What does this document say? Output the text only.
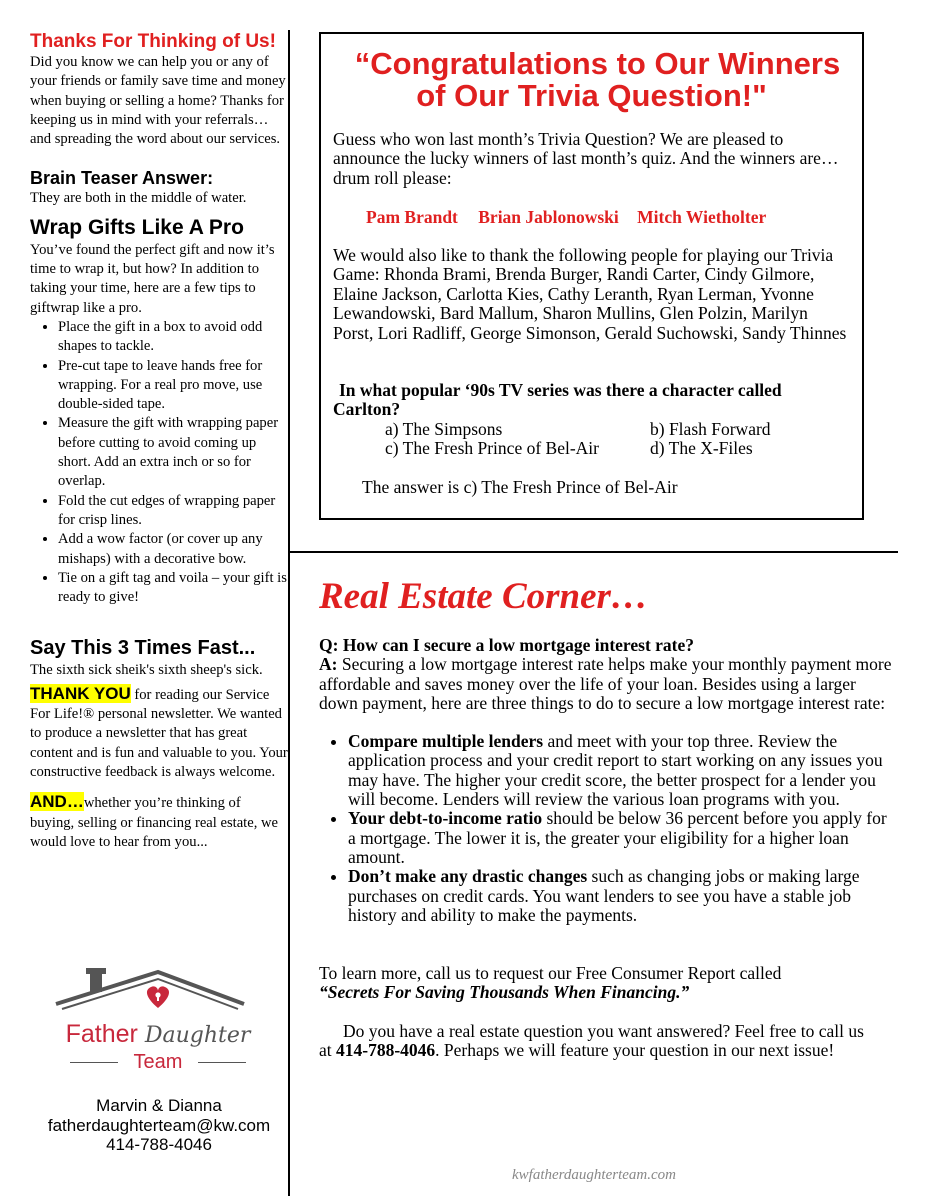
Thanks For Thinking of Us!

Did you know we can help you or any of your friends or family save time and money when buying or selling a home? Thanks for keeping us in mind with your referrals…and spreading the word about our services.

Brain Teaser Answer:

They are both in the middle of water.

Wrap Gifts Like A Pro

You’ve found the perfect gift and now it’s time to wrap it, but how? In addition to taking your time, here are a few tips to giftwrap like a pro.

• Place the gift in a box to avoid odd shapes to tackle.
• Pre-cut tape to leave hands free for wrapping. For a real pro move, use double-sided tape.
• Measure the gift with wrapping paper before cutting to avoid coming up short. Add an extra inch or so for overlap.
• Fold the cut edges of wrapping paper for crisp lines.
• Add a wow factor (or cover up any mishaps) with a decorative bow.
• Tie on a gift tag and voila – your gift is ready to give!
Say This 3 Times Fast...

The sixth sick sheik's sixth sheep's sick.

THANK YOU for reading our Service For Life!® personal newsletter. We wanted to produce a newsletter that has great content and is fun and valuable to you. Your constructive feedback is always welcome.

AND…whether you’re thinking of buying, selling or financing real estate, we would love to hear from you...

Father Daughter
Team
Marvin & Dianna
fatherdaughterteam@kw.com
414-788-4046

“Congratulations to Our Winners

of Our Trivia Question!"

Guess who won last month’s Trivia Question? We are pleased to announce the lucky winners of last month’s quiz. And the winners are…drum roll please:

Pam Brandt Brian Jablonowski Mitch Wietholter

We would also like to thank the following people for playing our Trivia Game: Rhonda Brami, Brenda Burger, Randi Carter, Cindy Gilmore, Elaine Jackson, Carlotta Kies, Cathy Leranth, Ryan Lerman, Yvonne Lewandowski, Bard Mallum, Sharon Mullins, Glen Polzin, Marilyn Porst, Lori Radliff, George Simonson, Gerald Suchowski, Sandy Thinnes

In what popular ‘90s TV series was there a character called Carlton?

a) The Simpsons	b) Flash Forward
c) The Fresh Prince of Bel-Air	d) The X-Files

The answer is c) The Fresh Prince of Bel-Air

Real Estate Corner…

Q: How can I secure a low mortgage interest rate?

A: Securing a low mortgage interest rate helps make your monthly payment more affordable and saves money over the life of your loan. Besides using a larger down payment, here are three things to do to secure a low mortgage interest rate:

• Compare multiple lenders and meet with your top three. Review the application process and your credit report to start working on any issues you may have. The higher your credit score, the better prospect for a lender you will become. Lenders will review the various loan programs with you.
• Your debt-to-income ratio should be below 36 percent before you apply for a mortgage. The lower it is, the greater your eligibility for a higher loan amount.
• Don’t make any drastic changes such as changing jobs or making large purchases on credit cards. You want lenders to see you have a stable job history and ability to make the payments.

To learn more, call us to request our Free Consumer Report called “Secrets For Saving Thousands When Financing.”

Do you have a real estate question you want answered? Feel free to call us at 414-788-4046. Perhaps we will feature your question in our next issue!

kwfatherdaughterteam.com
